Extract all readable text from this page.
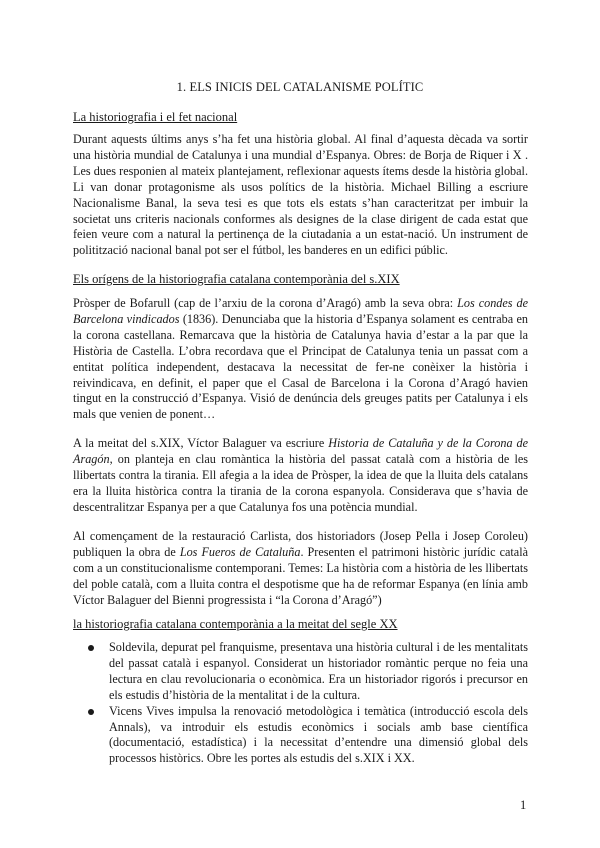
1. ELS INICIS DEL CATALANISME POLÍTIC
La historiografia i el fet nacional
Durant aquests últims anys s’ha fet una història global. Al final d’aquesta dècada va sortir una història mundial de Catalunya i una mundial d’Espanya. Obres: de Borja de Riquer i X . Les dues responien al mateix plantejament, reflexionar aquests ítems desde la història global. Li van donar protagonisme als usos polítics de la història. Michael Billing a escriure Nacionalisme Banal, la seva tesi es que tots els estats s’han caracteritzat per imbuir la societat uns criteris nacionals conformes als designes de la clase dirigent de cada estat que feien veure com a natural la pertinença de la ciutadania a un estat-nació. Un instrument de politització nacional banal pot ser el fútbol, les banderes en un edifici públic.
Els orígens de la historiografia catalana contemporània del s.XIX
Pròsper de Bofarull (cap de l’arxiu de la corona d’Aragó) amb la seva obra: Los condes de Barcelona vindicados (1836). Denunciaba que la historia d’Espanya solament es centraba en la corona castellana. Remarcava que la història de Catalunya havia d’estar a la par que la Història de Castella. L’obra recordava que el Principat de Catalunya tenia un passat com a entitat política independent, destacava la necessitat de fer-ne conèixer la història i reivindicava, en definit, el paper que el Casal de Barcelona i la Corona d’Aragó havien tingut en la construcció d’Espanya. Visió de denúncia dels greuges patits per Catalunya i els mals que venien de ponent…
A la meitat del s.XIX, Víctor Balaguer va escriure Historia de Cataluña y de la Corona de Aragón, on planteja en clau romàntica la història del passat català com a història de les llibertats contra la tirania. Ell afegia a la idea de Pròsper, la idea de que la lluita dels catalans era la lluita històrica contra la tirania de la corona espanyola. Considerava que s’havia de descentralitzar Espanya per a que Catalunya fos una potència mundial.
Al començament de la restauració Carlista, dos historiadors (Josep Pella i Josep Coroleu) publiquen la obra de Los Fueros de Cataluña. Presenten el patrimoni històric jurídic català com a un constitucionalisme contemporani. Temes: La història com a història de les llibertats del poble català, com a lluita contra el despotisme que ha de reformar Espanya (en línia amb Víctor Balaguer del Bienni progressista i “la Corona d’Aragó”)
la historiografia catalana contemporània a la meitat del segle XX
Soldevila, depurat pel franquisme, presentava una història cultural i de les mentalitats del passat català i espanyol. Considerat un historiador romàntic perque no feia una lectura en clau revolucionaria o econòmica. Era un historiador rigorós i precursor en els estudis d’història de la mentalitat i de la cultura.
Vicens Vives impulsa la renovació metodològica i temàtica (introducció escola dels Annals), va introduir els estudis econòmics i socials amb base científica (documentació, estadística) i la necessitat d’entendre una dimensió global dels processos històrics. Obre les portes als estudis del s.XIX i XX.
1
